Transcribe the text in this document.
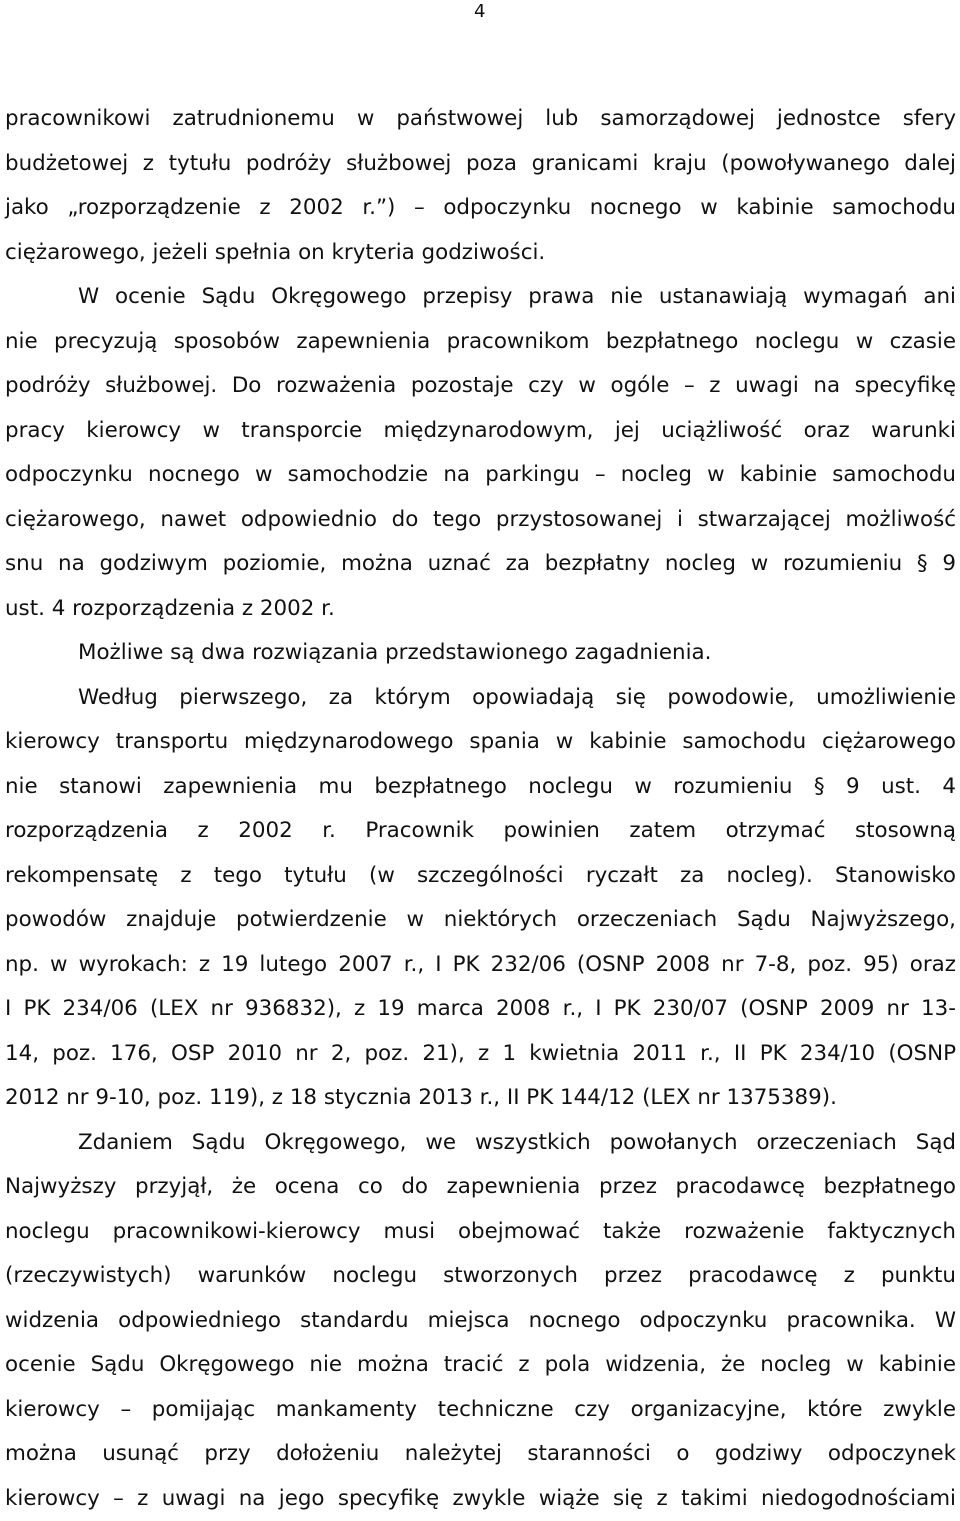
4

pracownikowi zatrudnionemu w państwowej lub samorządowej jednostce sfery

budżetowej z tytułu podróży służbowej poza granicami kraju (powoływanego dalej

jako „rozporządzenie z 2002 r.”) – odpoczynku nocnego w kabinie samochodu

ciężarowego, jeżeli spełnia on kryteria godziwości.

W ocenie Sądu Okręgowego przepisy prawa nie ustanawiają wymagań ani

nie precyzują sposobów zapewnienia pracownikom bezpłatnego noclegu w czasie

podróży służbowej. Do rozważenia pozostaje czy w ogóle – z uwagi na specyfikę

pracy kierowcy w transporcie międzynarodowym, jej uciążliwość oraz warunki

odpoczynku nocnego w samochodzie na parkingu – nocleg w kabinie samochodu

ciężarowego, nawet odpowiednio do tego przystosowanej i stwarzającej możliwość

snu na godziwym poziomie, można uznać za bezpłatny nocleg w rozumieniu § 9

ust. 4 rozporządzenia z 2002 r.

Możliwe są dwa rozwiązania przedstawionego zagadnienia.

Według pierwszego, za którym opowiadają się powodowie, umożliwienie

kierowcy transportu międzynarodowego spania w kabinie samochodu ciężarowego

nie stanowi zapewnienia mu bezpłatnego noclegu w rozumieniu § 9 ust. 4

rozporządzenia z 2002 r. Pracownik powinien zatem otrzymać stosowną

rekompensatę z tego tytułu (w szczególności ryczałt za nocleg). Stanowisko

powodów znajduje potwierdzenie w niektórych orzeczeniach Sądu Najwyższego,

np. w wyrokach: z 19 lutego 2007 r., I PK 232/06 (OSNP 2008 nr 7-8, poz. 95) oraz

I PK 234/06 (LEX nr 936832), z 19 marca 2008 r., I PK 230/07 (OSNP 2009 nr 13-

14, poz. 176, OSP 2010 nr 2, poz. 21), z 1 kwietnia 2011 r., II PK 234/10 (OSNP

2012 nr 9-10, poz. 119), z 18 stycznia 2013 r., II PK 144/12 (LEX nr 1375389).

Zdaniem Sądu Okręgowego, we wszystkich powołanych orzeczeniach Sąd

Najwyższy przyjął, że ocena co do zapewnienia przez pracodawcę bezpłatnego

noclegu pracownikowi-kierowcy musi obejmować także rozważenie faktycznych

(rzeczywistych) warunków noclegu stworzonych przez pracodawcę z punktu

widzenia odpowiedniego standardu miejsca nocnego odpoczynku pracownika. W

ocenie Sądu Okręgowego nie można tracić z pola widzenia, że nocleg w kabinie

kierowcy – pomijając mankamenty techniczne czy organizacyjne, które zwykle

można usunąć przy dołożeniu należytej staranności o godziwy odpoczynek

kierowcy – z uwagi na jego specyfikę zwykle wiąże się z takimi niedogodnościami
